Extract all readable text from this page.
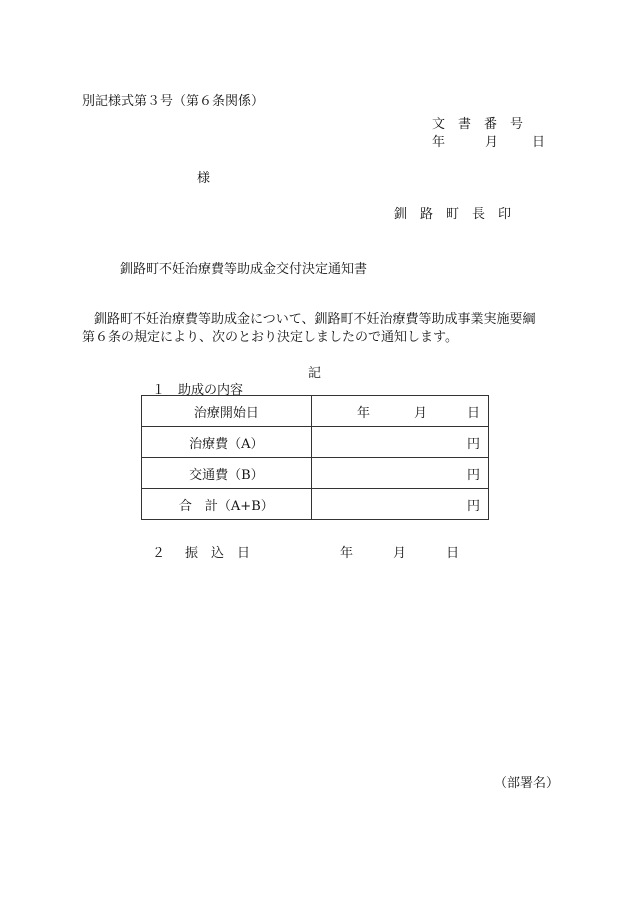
別記様式第３号（第６条関係）
文　書　番　号
年	月	日
様
釧　路　町　長　印
釧路町不妊治療費等助成金交付決定通知書
釧路町不妊治療費等助成金について、釧路町不妊治療費等助成事業実施要綱
第６条の規定により、次のとおり決定しましたので通知します。
記
１　助成の内容
治療開始日	年 月 日
治療費（A）	円
交通費（B）	円
合　計（A+B）	円
２ 振　込　日	年	月	日
（部署名）
